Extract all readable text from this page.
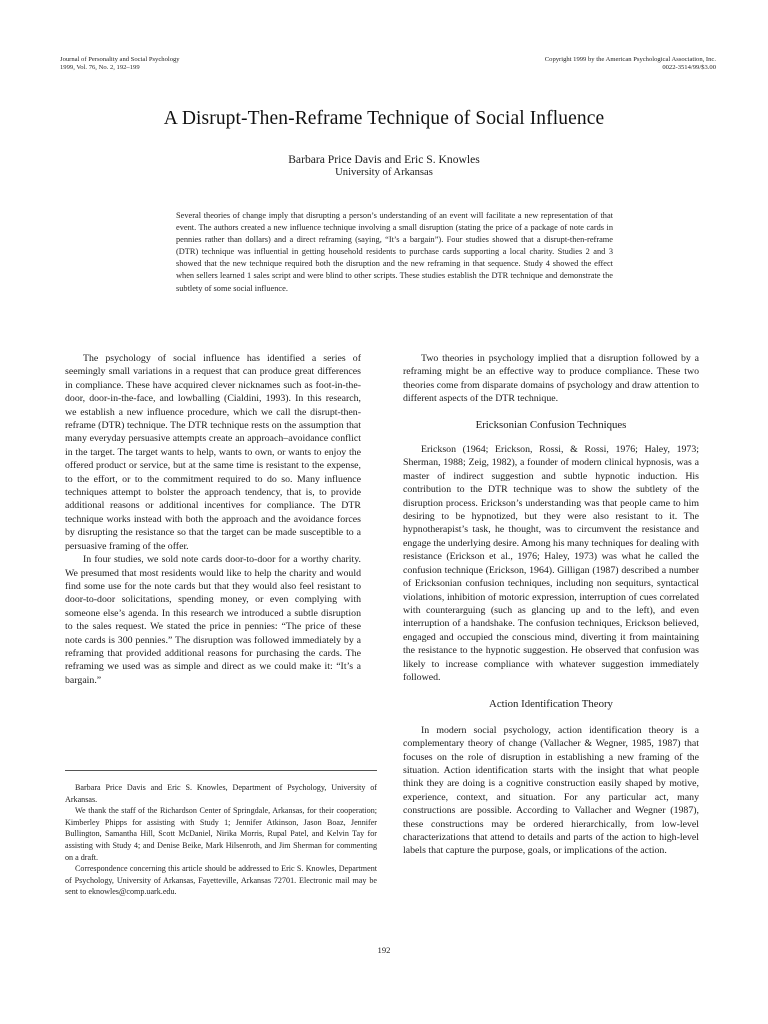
Journal of Personality and Social Psychology
1999, Vol. 76, No. 2, 192–199
Copyright 1999 by the American Psychological Association, Inc.
0022-3514/99/$3.00
A Disrupt-Then-Reframe Technique of Social Influence
Barbara Price Davis and Eric S. Knowles
University of Arkansas
Several theories of change imply that disrupting a person’s understanding of an event will facilitate a new representation of that event. The authors created a new influence technique involving a small disruption (stating the price of a package of note cards in pennies rather than dollars) and a direct reframing (saying, “It’s a bargain”). Four studies showed that a disrupt-then-reframe (DTR) technique was influential in getting household residents to purchase cards supporting a local charity. Studies 2 and 3 showed that the new technique required both the disruption and the new reframing in that sequence. Study 4 showed the effect when sellers learned 1 sales script and were blind to other scripts. These studies establish the DTR technique and demonstrate the subtlety of some social influence.

The psychology of social influence has identified a series of seemingly small variations in a request that can produce great differences in compliance. These have acquired clever nicknames such as foot-in-the-door, door-in-the-face, and lowballing (Cialdini, 1993). In this research, we establish a new influence procedure, which we call the disrupt-then-reframe (DTR) technique. The DTR technique rests on the assumption that many everyday persuasive attempts create an approach–avoidance conflict in the target. The target wants to help, wants to own, or wants to enjoy the offered product or service, but at the same time is resistant to the expense, to the effort, or to the commitment required to do so. Many influence techniques attempt to bolster the approach tendency, that is, to provide additional reasons or additional incentives for compliance. The DTR technique works instead with both the approach and the avoidance forces by disrupting the resistance so that the target can be made susceptible to a persuasive framing of the offer.

In four studies, we sold note cards door-to-door for a worthy charity. We presumed that most residents would like to help the charity and would find some use for the note cards but that they would also feel resistant to door-to-door solicitations, spending money, or even complying with someone else’s agenda. In this research we introduced a subtle disruption to the sales request. We stated the price in pennies: “The price of these note cards is 300 pennies.” The disruption was followed immediately by a reframing that provided additional reasons for purchasing the cards. The reframing we used was as simple and direct as we could make it: “It’s a bargain.”

Barbara Price Davis and Eric S. Knowles, Department of Psychology, University of Arkansas.

We thank the staff of the Richardson Center of Springdale, Arkansas, for their cooperation; Kimberley Phipps for assisting with Study 1; Jennifer Atkinson, Jason Boaz, Jennifer Bullington, Samantha Hill, Scott McDaniel, Nirika Morris, Rupal Patel, and Kelvin Tay for assisting with Study 4; and Denise Beike, Mark Hilsenroth, and Jim Sherman for commenting on a draft.

Correspondence concerning this article should be addressed to Eric S. Knowles, Department of Psychology, University of Arkansas, Fayetteville, Arkansas 72701. Electronic mail may be sent to eknowles@comp.uark.edu.

Two theories in psychology implied that a disruption followed by a reframing might be an effective way to produce compliance. These two theories come from disparate domains of psychology and draw attention to different aspects of the DTR technique.

Ericksonian Confusion Techniques

Erickson (1964; Erickson, Rossi, & Rossi, 1976; Haley, 1973; Sherman, 1988; Zeig, 1982), a founder of modern clinical hypnosis, was a master of indirect suggestion and subtle hypnotic induction. His contribution to the DTR technique was to show the subtlety of the disruption process. Erickson’s understanding was that people came to him desiring to be hypnotized, but they were also resistant to it. The hypnotherapist’s task, he thought, was to circumvent the resistance and engage the underlying desire. Among his many techniques for dealing with resistance (Erickson et al., 1976; Haley, 1973) was what he called the confusion technique (Erickson, 1964). Gilligan (1987) described a number of Ericksonian confusion techniques, including non sequiturs, syntactical violations, inhibition of motoric expression, interruption of cues correlated with counterarguing (such as glancing up and to the left), and even interruption of a handshake. The confusion techniques, Erickson believed, engaged and occupied the conscious mind, diverting it from maintaining the resistance to the hypnotic suggestion. He observed that confusion was likely to increase compliance with whatever suggestion immediately followed.

Action Identification Theory

In modern social psychology, action identification theory is a complementary theory of change (Vallacher & Wegner, 1985, 1987) that focuses on the role of disruption in establishing a new framing of the situation. Action identification starts with the insight that what people think they are doing is a cognitive construction easily shaped by motive, experience, context, and situation. For any particular act, many constructions are possible. According to Vallacher and Wegner (1987), these constructions may be ordered hierarchically, from low-level characterizations that attend to details and parts of the action to high-level labels that capture the purpose, goals, or implications of the action.

192
